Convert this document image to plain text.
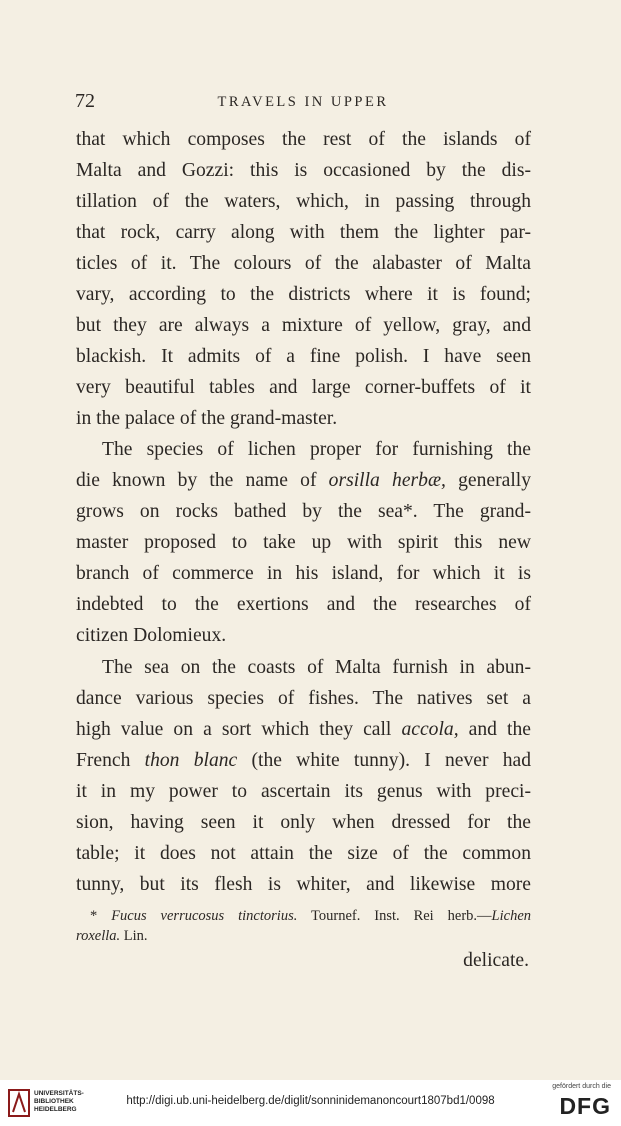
72	TRAVELS IN UPPER
that which composes the rest of the islands of
Malta and Gozzi: this is occasioned by the dis-
tillation of the waters, which, in passing through
that rock, carry along with them the lighter par-
ticles of it. The colours of the alabaster of Malta
vary, according to the districts where it is found;
but they are always a mixture of yellow, gray, and
blackish. It admits of a fine polish. I have seen
very beautiful tables and large corner-buffets of it
in the palace of the grand-master.
The species of lichen proper for furnishing the
die known by the name of orsilla herbæ, generally
grows on rocks bathed by the sea*. The grand-
master proposed to take up with spirit this new
branch of commerce in his island, for which it is
indebted to the exertions and the researches of
citizen Dolomieux.
The sea on the coasts of Malta furnish in abun-
dance various species of fishes. The natives set a
high value on a sort which they call accola, and the
French thon blanc (the white tunny). I never had
it in my power to ascertain its genus with preci-
sion, having seen it only when dressed for the
table; it does not attain the size of the common
tunny, but its flesh is whiter, and likewise more
* Fucus verrucosus tinctorius. Tournef. Inst. Rei herb.—Lichen
roxella. Lin.
delicate.
UNIVERSITÄTS-
BIBLIOTHEK
HEIDELBERG
http://digi.ub.uni-heidelberg.de/diglit/sonninidemanoncourt1807bd1/0098
gefördert durch die
DFG
